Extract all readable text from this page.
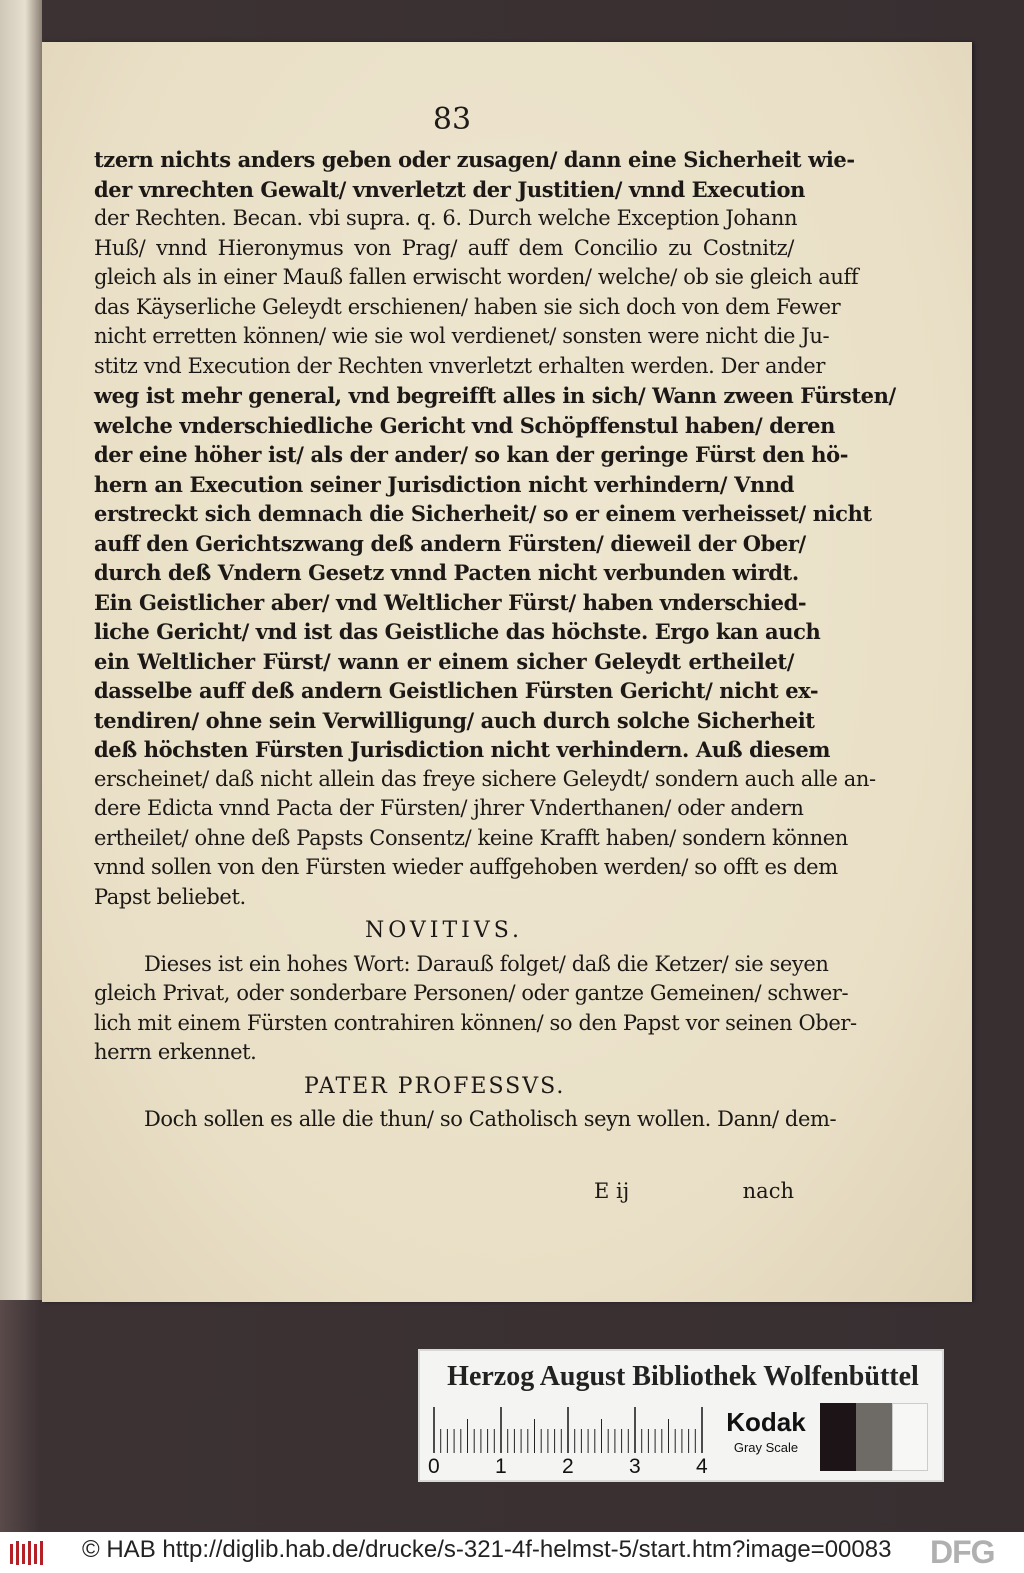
83
tzern nichts anders geben oder zusagen/ dann eine Sicherheit wie-
der vnrechten Gewalt/ vnverletzt der Justitien/ vnnd Execution
der Rechten. Becan. vbi supra. q. 6. Durch welche Exception Johann
Huß/ vnnd Hieronymus von Prag/ auff dem Concilio zu Costnitz/
gleich als in einer Mauß fallen erwischt worden/ welche/ ob sie gleich auff
das Käyserliche Geleydt erschienen/ haben sie sich doch von dem Fewer
nicht erretten können/ wie sie wol verdienet/ sonsten were nicht die Ju-
stitz vnd Execution der Rechten vnverletzt erhalten werden. Der ander
weg ist mehr general, vnd begreifft alles in sich/ Wann zween Fürsten/
welche vnderschiedliche Gericht vnd Schöpffenstul haben/ deren
der eine höher ist/ als der ander/ so kan der geringe Fürst den hö-
hern an Execution seiner Jurisdiction nicht verhindern/ Vnnd
erstreckt sich demnach die Sicherheit/ so er einem verheisset/ nicht
auff den Gerichtszwang deß andern Fürsten/ dieweil der Ober/
durch deß Vndern Gesetz vnnd Pacten nicht verbunden wirdt.
Ein Geistlicher aber/ vnd Weltlicher Fürst/ haben vnderschied-
liche Gericht/ vnd ist das Geistliche das höchste. Ergo kan auch
ein Weltlicher Fürst/ wann er einem sicher Geleydt ertheilet/
dasselbe auff deß andern Geistlichen Fürsten Gericht/ nicht ex-
tendiren/ ohne sein Verwilligung/ auch durch solche Sicherheit
deß höchsten Fürsten Jurisdiction nicht verhindern. Auß diesem
erscheinet/ daß nicht allein das freye sichere Geleydt/ sondern auch alle an-
dere Edicta vnnd Pacta der Fürsten/ jhrer Vnderthanen/ oder andern
ertheilet/ ohne deß Papsts Consentz/ keine Krafft haben/ sondern können
vnnd sollen von den Fürsten wieder auffgehoben werden/ so offt es dem
Papst beliebet.
NOVITIVS.
Dieses ist ein hohes Wort: Darauß folget/ daß die Ketzer/ sie seyen
gleich Privat, oder sonderbare Personen/ oder gantze Gemeinen/ schwer-
lich mit einem Fürsten contrahiren können/ so den Papst vor seinen Ober-
herrn erkennet.
PATER PROFESSVS.
Doch sollen es alle die thun/ so Catholisch seyn wollen. Dann/ dem-
E ij	nach
Herzog August Bibliothek Wolfenbüttel
0	1	2	3	4
Kodak
Gray Scale
© HAB http://diglib.hab.de/drucke/s-321-4f-helmst-5/start.htm?image=00083 DFG
